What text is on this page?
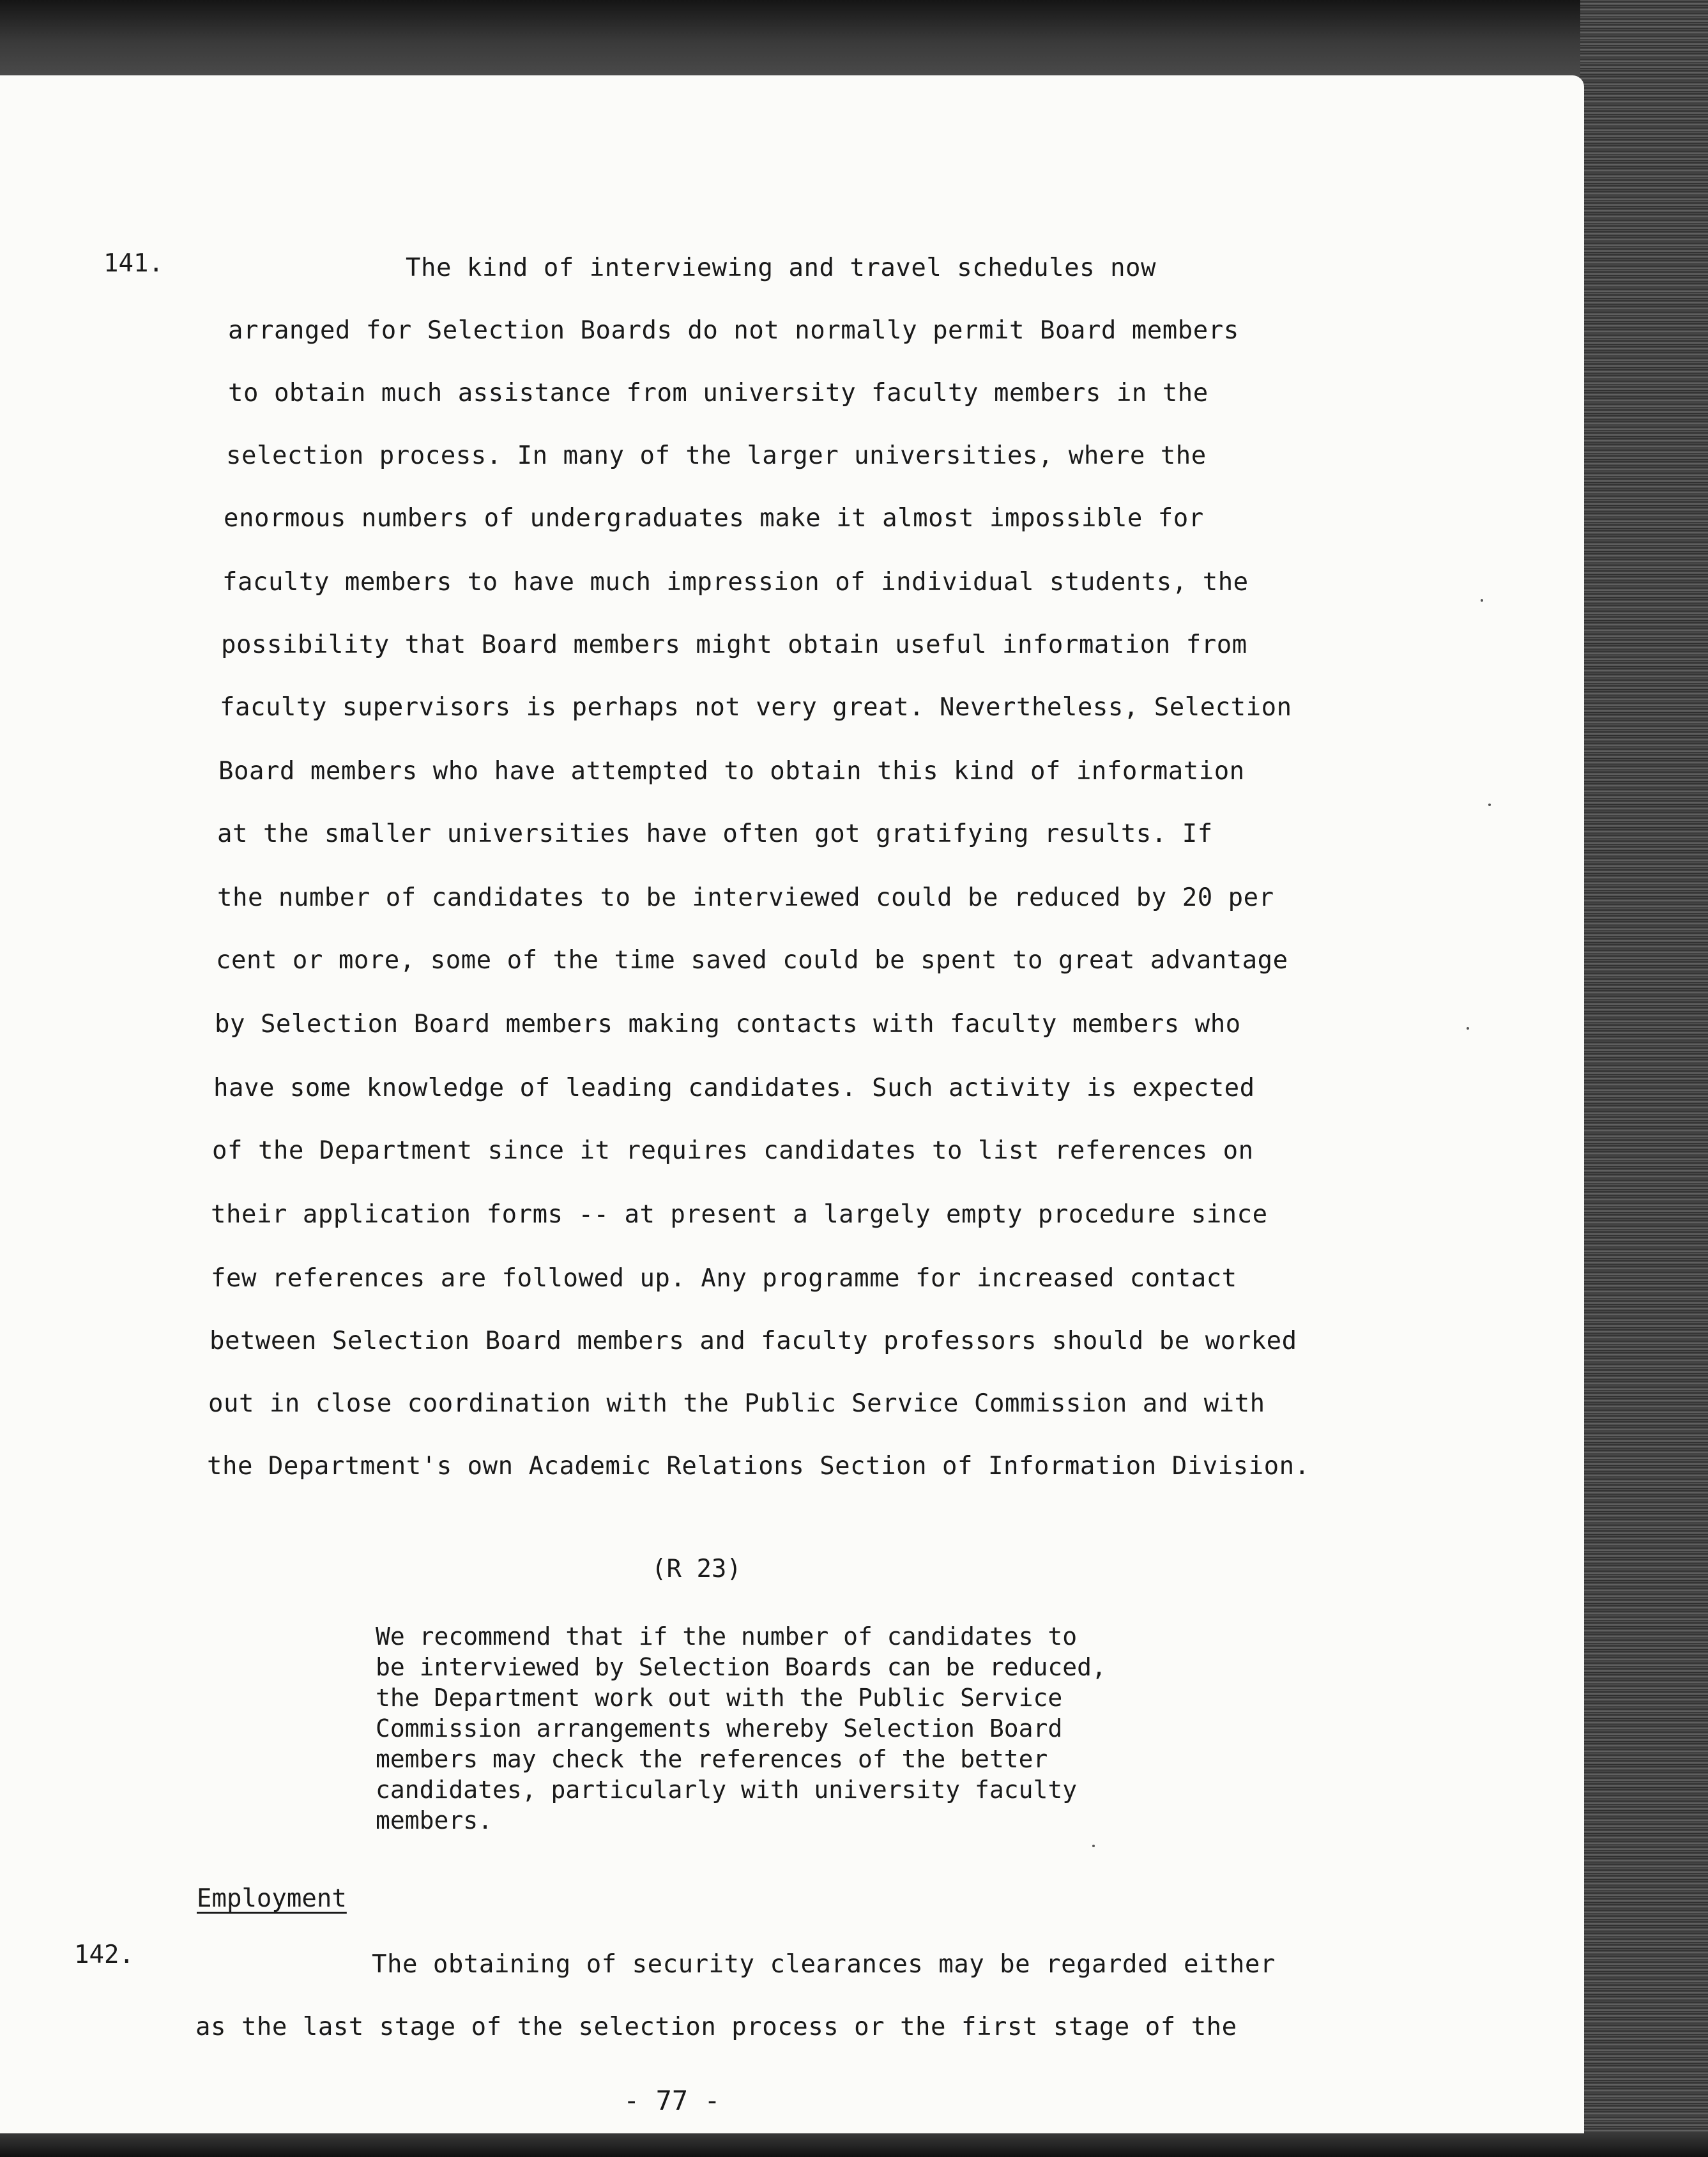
141.	The kind of interviewing and travel schedules now
arranged for Selection Boards do not normally permit Board members
to obtain much assistance from university faculty members in the
selection process. In many of the larger universities, where the
enormous numbers of undergraduates make it almost impossible for
faculty members to have much impression of individual students, the
possibility that Board members might obtain useful information from
faculty supervisors is perhaps not very great. Nevertheless, Selection
Board members who have attempted to obtain this kind of information
at the smaller universities have often got gratifying results. If
the number of candidates to be interviewed could be reduced by 20 per
cent or more, some of the time saved could be spent to great advantage
by Selection Board members making contacts with faculty members who
have some knowledge of leading candidates. Such activity is expected
of the Department since it requires candidates to list references on
their application forms -- at present a largely empty procedure since
few references are followed up. Any programme for increased contact
between Selection Board members and faculty professors should be worked
out in close coordination with the Public Service Commission and with
the Department's own Academic Relations Section of Information Division.
(R 23)
We recommend that if the number of candidates to
be interviewed by Selection Boards can be reduced,
the Department work out with the Public Service
Commission arrangements whereby Selection Board
members may check the references of the better
candidates, particularly with university faculty
members.
Employment
142.	The obtaining of security clearances may be regarded either
as the last stage of the selection process or the first stage of the
- 77 -
